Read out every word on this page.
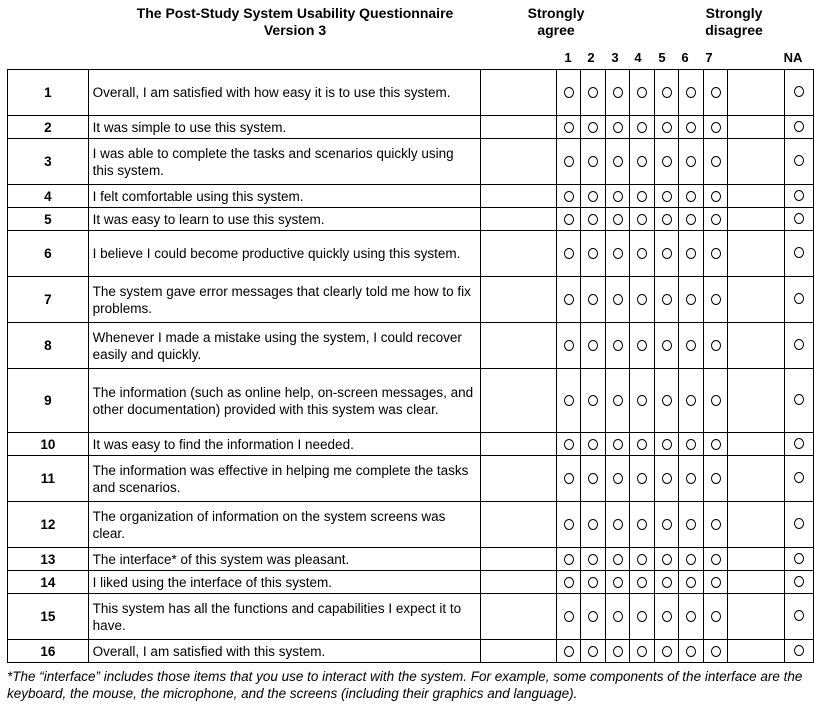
The Post-Study System Usability Questionnaire
Version 3
Strongly
agree
Strongly
disagree
1	2	3	4	5	6	7	NA
1	Overall, I am satisfied with how easy it is to use this system.		

2	It was simple to use this system.		

3	I was able to complete the tasks and scenarios quickly using this system.		

4	I felt comfortable using this system.		

5	It was easy to learn to use this system.		

6	I believe I could become productive quickly using this system.		

7	The system gave error messages that clearly told me how to fix problems.		

8	Whenever I made a mistake using the system, I could recover easily and quickly.		

9	The information (such as online help, on-screen messages, and other documentation) provided with this system was clear.		

10	It was easy to find the information I needed.		

11	The information was effective in helping me complete the tasks and scenarios.		

12	The organization of information on the system screens was clear.		

13	The interface* of this system was pleasant.		

14	I liked using the interface of this system.		

15	This system has all the functions and capabilities I expect it to have.		

16	Overall, I am satisfied with this system.		

*The “interface” includes those items that you use to interact with the system. For example, some components of the interface are the keyboard, the mouse, the microphone, and the screens (including their graphics and language).
